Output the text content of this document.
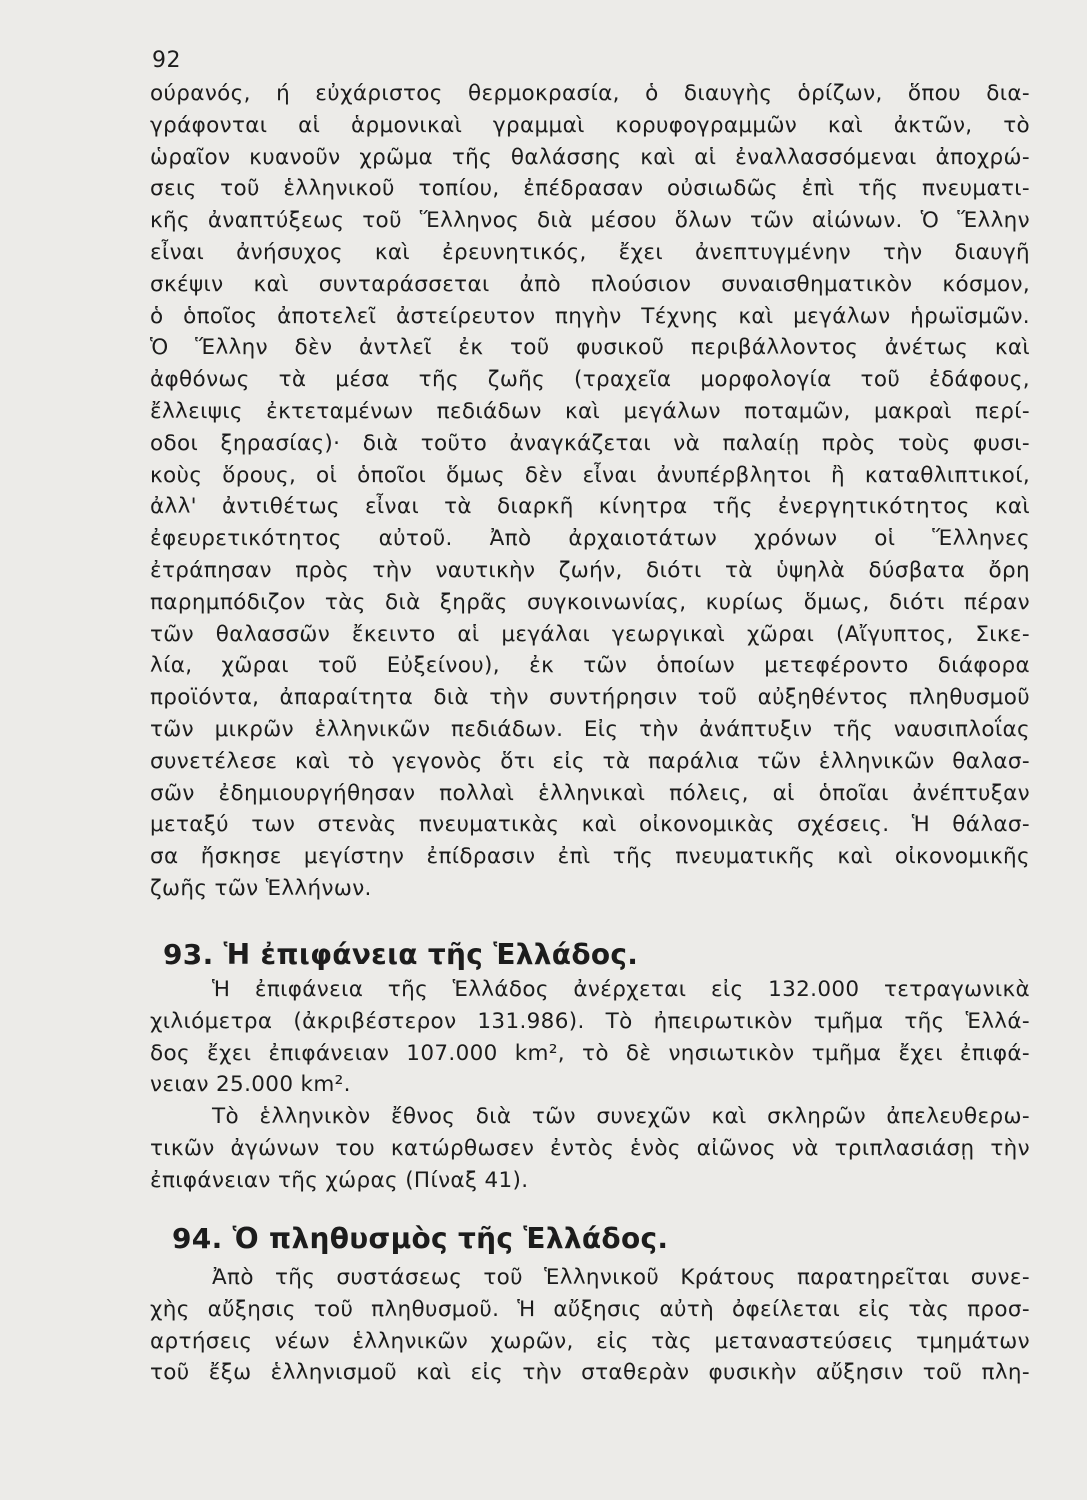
92
ούρανός, ή εὐχάριστος θερμοκρασία, ὁ διαυγὴς ὁρίζων, ὅπου δια-
γράφονται αἱ ἁρμονικαὶ γραμμαὶ κορυφογραμμῶν καὶ ἀκτῶν, τὸ
ὡραῖον κυανοῦν χρῶμα τῆς θαλάσσης καὶ αἱ ἐναλλασσόμεναι ἀποχρώ-
σεις τοῦ ἑλληνικοῦ τοπίου, ἐπέδρασαν οὐσιωδῶς ἐπὶ τῆς πνευματι-
κῆς ἀναπτύξεως τοῦ Ἕλληνος διὰ μέσου ὅλων τῶν αἰώνων. Ὁ Ἕλλην
εἶναι ἀνήσυχος καὶ ἐρευνητικός, ἔχει ἀνεπτυγμένην τὴν διαυγῆ
σκέψιν καὶ συνταράσσεται ἀπὸ πλούσιον συναισθηματικὸν κόσμον,
ὁ ὁποῖος ἀποτελεῖ ἀστείρευτον πηγὴν Τέχνης καὶ μεγάλων ἡρωϊσμῶν.
Ὁ Ἕλλην δὲν ἀντλεῖ ἐκ τοῦ φυσικοῦ περιβάλλοντος ἀνέτως καὶ
ἀφθόνως τὰ μέσα τῆς ζωῆς (τραχεῖα μορφολογία τοῦ ἐδάφους,
ἔλλειψις ἐκτεταμένων πεδιάδων καὶ μεγάλων ποταμῶν, μακραὶ περί-
οδοι ξηρασίας)· διὰ τοῦτο ἀναγκάζεται νὰ παλαίῃ πρὸς τοὺς φυσι-
κοὺς ὅρους, οἱ ὁποῖοι ὅμως δὲν εἶναι ἀνυπέρβλητοι ἢ καταθλιπτικοί,
ἀλλ' ἀντιθέτως εἶναι τὰ διαρκῆ κίνητρα τῆς ἐνεργητικότητος καὶ
ἐφευρετικότητος αὐτοῦ. Ἀπὸ ἀρχαιοτάτων χρόνων οἱ Ἕλληνες
ἐτράπησαν πρὸς τὴν ναυτικὴν ζωήν, διότι τὰ ὑψηλὰ δύσβατα ὄρη
παρημπόδιζον τὰς διὰ ξηρᾶς συγκοινωνίας, κυρίως ὅμως, διότι πέραν
τῶν θαλασσῶν ἔκειντο αἱ μεγάλαι γεωργικαὶ χῶραι (Αἴγυπτος, Σικε-
λία, χῶραι τοῦ Εὐξείνου), ἐκ τῶν ὁποίων μετεφέροντο διάφορα
προϊόντα, ἀπαραίτητα διὰ τὴν συντήρησιν τοῦ αὐξηθέντος πληθυσμοῦ
τῶν μικρῶν ἑλληνικῶν πεδιάδων. Εἰς τὴν ἀνάπτυξιν τῆς ναυσιπλοΐας
συνετέλεσε καὶ τὸ γεγονὸς ὅτι εἰς τὰ παράλια τῶν ἑλληνικῶν θαλασ-
σῶν ἐδημιουργήθησαν πολλαὶ ἑλληνικαὶ πόλεις, αἱ ὁποῖαι ἀνέπτυξαν
μεταξύ των στενὰς πνευματικὰς καὶ οἰκονομικὰς σχέσεις. Ἡ θάλασ-
σα ἤσκησε μεγίστην ἐπίδρασιν ἐπὶ τῆς πνευματικῆς καὶ οἰκονομικῆς
ζωῆς τῶν Ἑλλήνων.
93. Ἡ ἐπιφάνεια τῆς Ἑλλάδος.
Ἡ ἐπιφάνεια τῆς Ἑλλάδος ἀνέρχεται εἰς 132.000 τετραγωνικὰ
χιλιόμετρα (ἀκριβέστερον 131.986). Τὸ ἠπειρωτικὸν τμῆμα τῆς Ἑλλά-
δος ἔχει ἐπιφάνειαν 107.000 km², τὸ δὲ νησιωτικὸν τμῆμα ἔχει ἐπιφά-
νειαν 25.000 km².
Τὸ ἑλληνικὸν ἔθνος διὰ τῶν συνεχῶν καὶ σκληρῶν ἀπελευθερω-
τικῶν ἀγώνων του κατώρθωσεν ἐντὸς ἑνὸς αἰῶνος νὰ τριπλασιάσῃ τὴν
ἐπιφάνειαν τῆς χώρας (Πίναξ 41).
94. Ὁ πληθυσμὸς τῆς Ἑλλάδος.
Ἀπὸ τῆς συστάσεως τοῦ Ἑλληνικοῦ Κράτους παρατηρεῖται συνε-
χὴς αὔξησις τοῦ πληθυσμοῦ. Ἡ αὔξησις αὐτὴ ὀφείλεται εἰς τὰς προσ-
αρτήσεις νέων ἑλληνικῶν χωρῶν, εἰς τὰς μεταναστεύσεις τμημάτων
τοῦ ἔξω ἑλληνισμοῦ καὶ εἰς τὴν σταθερὰν φυσικὴν αὔξησιν τοῦ πλη-
